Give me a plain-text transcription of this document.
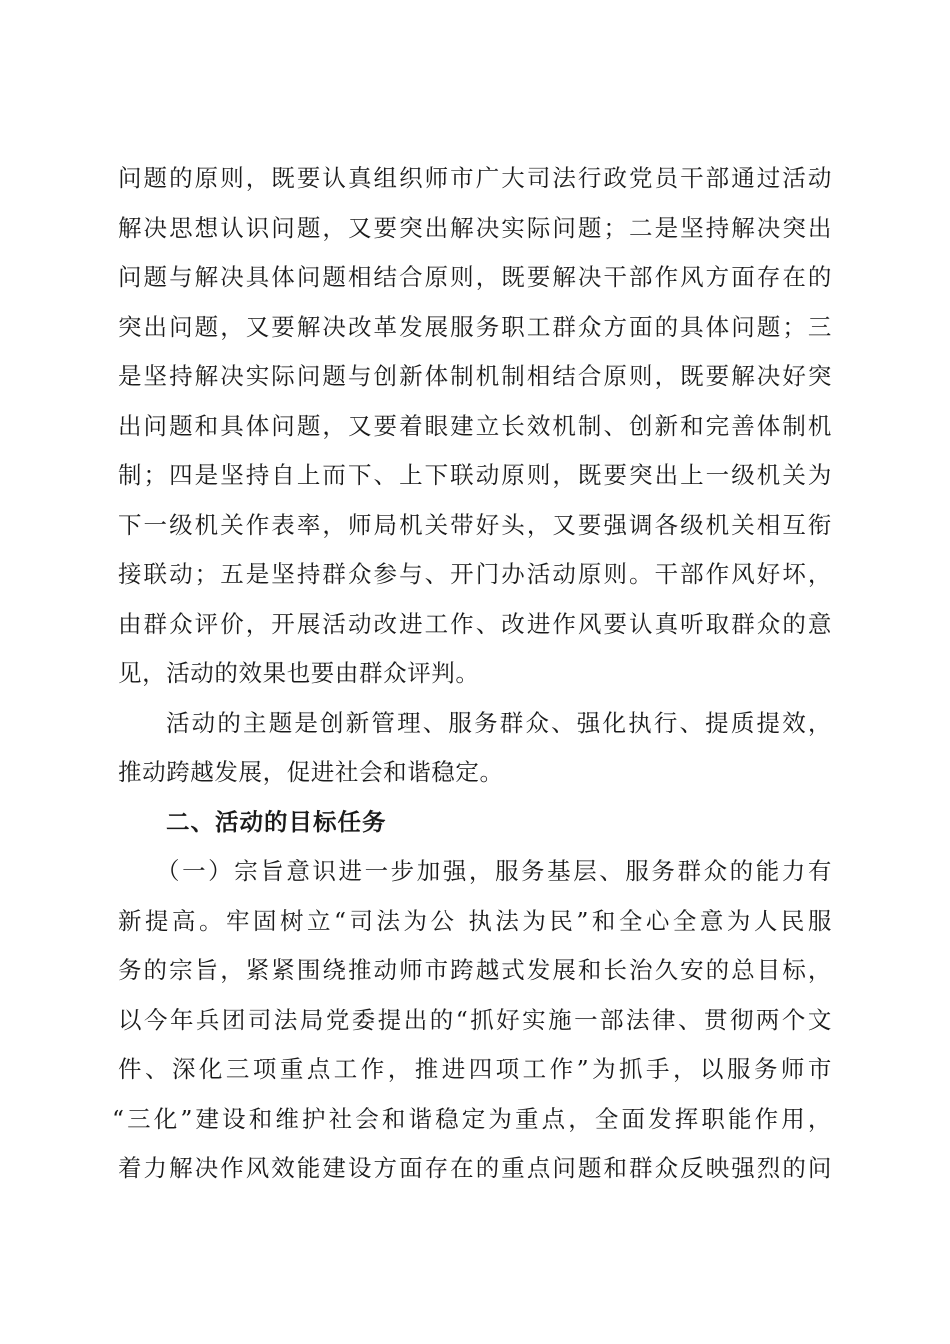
问题的原则，既要认真组织师市广大司法行政党员干部通过活动
解决思想认识问题，又要突出解决实际问题；二是坚持解决突出
问题与解决具体问题相结合原则，既要解决干部作风方面存在的
突出问题，又要解决改革发展服务职工群众方面的具体问题；三
是坚持解决实际问题与创新体制机制相结合原则，既要解决好突
出问题和具体问题，又要着眼建立长效机制、创新和完善体制机
制；四是坚持自上而下、上下联动原则，既要突出上一级机关为
下一级机关作表率，师局机关带好头，又要强调各级机关相互衔
接联动；五是坚持群众参与、开门办活动原则。干部作风好坏，
由群众评价，开展活动改进工作、改进作风要认真听取群众的意
见，活动的效果也要由群众评判。
活动的主题是创新管理、服务群众、强化执行、提质提效，
推动跨越发展，促进社会和谐稳定。
二、活动的目标任务
（一）宗旨意识进一步加强，服务基层、服务群众的能力有
新提高。牢固树立“司法为公 执法为民”和全心全意为人民服
务的宗旨，紧紧围绕推动师市跨越式发展和长治久安的总目标，
以今年兵团司法局党委提出的“抓好实施一部法律、贯彻两个文
件、深化三项重点工作，推进四项工作”为抓手，以服务师市
“三化”建设和维护社会和谐稳定为重点，全面发挥职能作用，
着力解决作风效能建设方面存在的重点问题和群众反映强烈的问
